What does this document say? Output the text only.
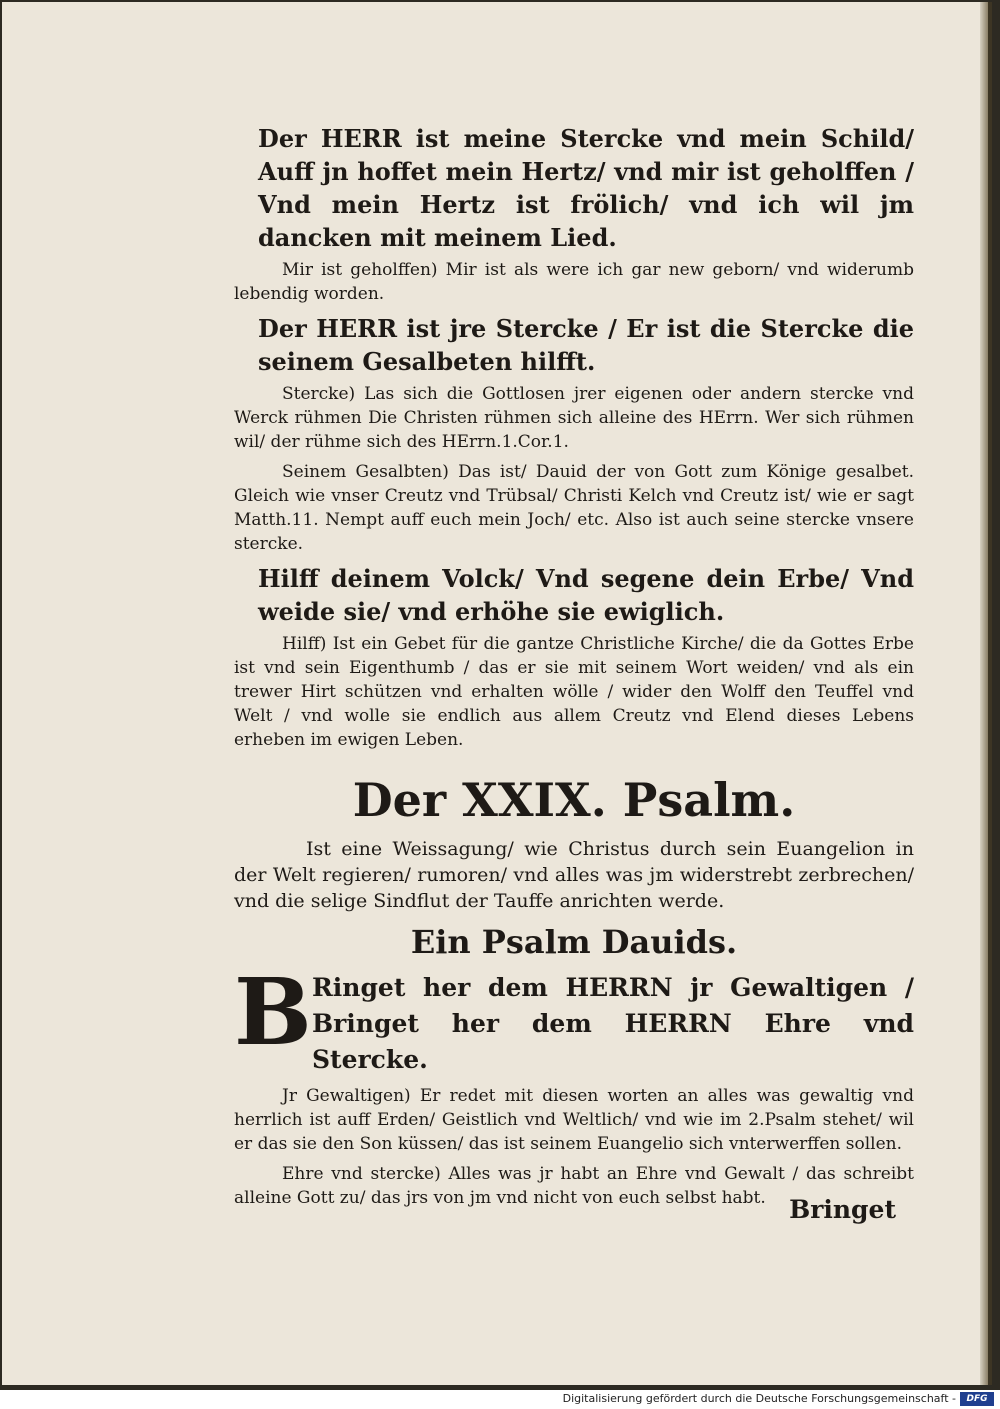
Der HERR ist meine Stercke vnd mein Schild/ Auff jn hoffet mein Hertz/ vnd mir ist geholffen / Vnd mein Hertz ist frölich/ vnd ich wil jm dancken mit meinem Lied.

Mir ist geholffen) Mir ist als were ich gar new geborn/ vnd widerumb lebendig worden.

Der HERR ist jre Stercke / Er ist die Stercke die seinem Gesalbeten hilfft.

Stercke) Las sich die Gottlosen jrer eigenen oder andern stercke vnd Werck rühmen Die Christen rühmen sich alleine des HErrn. Wer sich rühmen wil/ der rühme sich des HErrn.1.Cor.1.

Seinem Gesalbten) Das ist/ Dauid der von Gott zum Könige gesalbet. Gleich wie vnser Creutz vnd Trübsal/ Christi Kelch vnd Creutz ist/ wie er sagt Matth.11. Nempt auff euch mein Joch/ etc. Also ist auch seine stercke vnsere stercke.

Hilff deinem Volck/ Vnd segene dein Erbe/ Vnd weide sie/ vnd erhöhe sie ewiglich.

Hilff) Ist ein Gebet für die gantze Christliche Kirche/ die da Gottes Erbe ist vnd sein Eigenthumb / das er sie mit seinem Wort weiden/ vnd als ein trewer Hirt schützen vnd erhalten wölle / wider den Wolff den Teuffel vnd Welt / vnd wolle sie endlich aus allem Creutz vnd Elend dieses Lebens erheben im ewigen Leben.

Der XXIX. Psalm.

Ist eine Weissagung/ wie Christus durch sein Euangelion in der Welt regieren/ rumoren/ vnd alles was jm widerstrebt zerbrechen/ vnd die selige Sindflut der Tauffe anrichten werde.

Ein Psalm Dauids.
B Ringet her dem HERRN jr Gewaltigen / Bringet her dem HERRN Ehre vnd Stercke.

Jr Gewaltigen) Er redet mit diesen worten an alles was gewaltig vnd herrlich ist auff Erden/ Geistlich vnd Weltlich/ vnd wie im 2.Psalm stehet/ wil er das sie den Son küssen/ das ist seinem Euangelio sich vnterwerffen sollen.

Ehre vnd stercke) Alles was jr habt an Ehre vnd Gewalt / das schreibt alleine Gott zu/ das jrs von jm vnd nicht von euch selbst habt. Bringet
Digitalisierung gefördert durch die Deutsche Forschungsgemeinschaft -	DFG
